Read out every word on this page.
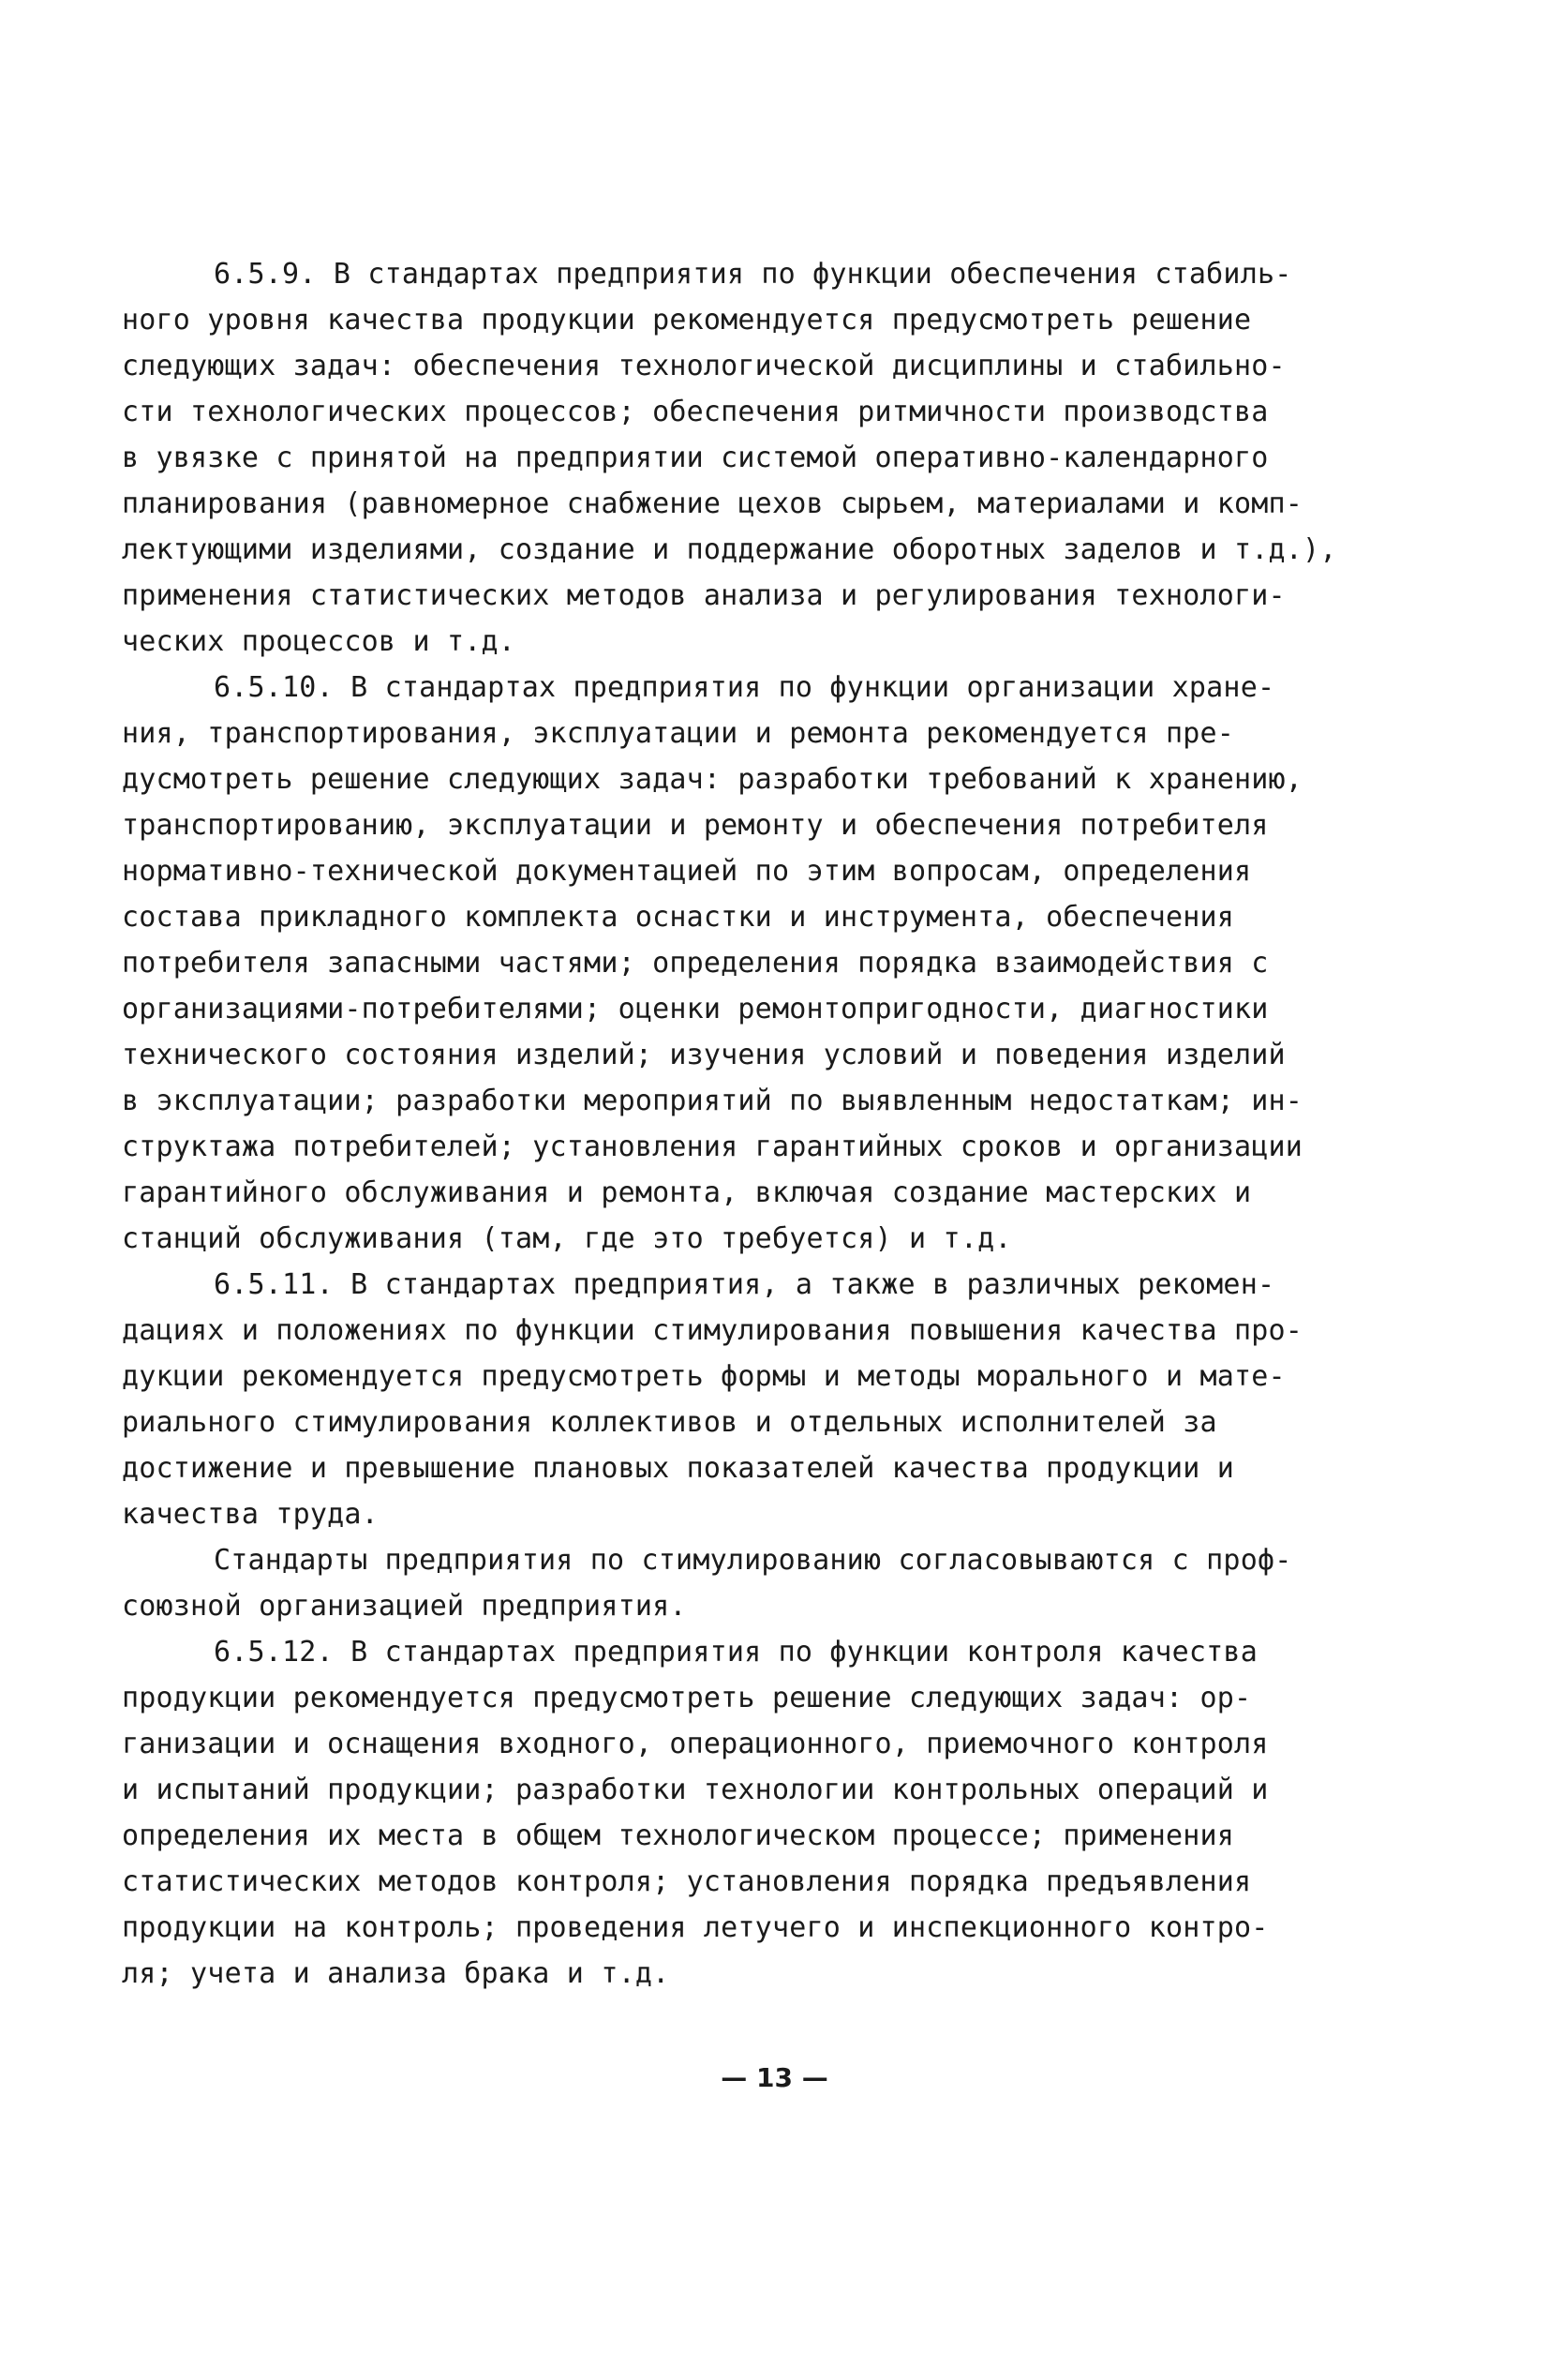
6.5.9. В стандартах предприятия по функции обеспечения стабиль-
ного уровня качества продукции рекомендуется предусмотреть решение
следующих задач: обеспечения технологической дисциплины и стабильно-
сти технологических процессов; обеспечения ритмичности производства
в увязке с принятой на предприятии системой оперативно-календарного
планирования (равномерное снабжение цехов сырьем, материалами и комп-
лектующими изделиями, создание и поддержание оборотных заделов и т.д.),
применения статистических методов анализа и регулирования технологи-
ческих процессов и т.д.
6.5.10. В стандартах предприятия по функции организации хране-
ния, транспортирования, эксплуатации и ремонта рекомендуется пре-
дусмотреть решение следующих задач: разработки требований к хранению,
транспортированию, эксплуатации и ремонту и обеспечения потребителя
нормативно-технической документацией по этим вопросам, определения
состава прикладного комплекта оснастки и инструмента, обеспечения
потребителя запасными частями; определения порядка взаимодействия с
организациями-потребителями; оценки ремонтопригодности, диагностики
технического состояния изделий; изучения условий и поведения изделий
в эксплуатации; разработки мероприятий по выявленным недостаткам; ин-
структажа потребителей; установления гарантийных сроков и организации
гарантийного обслуживания и ремонта, включая создание мастерских и
станций обслуживания (там, где это требуется) и т.д.
6.5.11. В стандартах предприятия, а также в различных рекомен-
дациях и положениях по функции стимулирования повышения качества про-
дукции рекомендуется предусмотреть формы и методы морального и мате-
риального стимулирования коллективов и отдельных исполнителей за
достижение и превышение плановых показателей качества продукции и
качества труда.
Стандарты предприятия по стимулированию согласовываются с проф-
союзной организацией предприятия.
6.5.12. В стандартах предприятия по функции контроля качества
продукции рекомендуется предусмотреть решение следующих задач: ор-
ганизации и оснащения входного, операционного, приемочного контроля
и испытаний продукции; разработки технологии контрольных операций и
определения их места в общем технологическом процессе; применения
статистических методов контроля; установления порядка предъявления
продукции на контроль; проведения летучего и инспекционного контро-
ля; учета и анализа брака и т.д.
— 13 —
